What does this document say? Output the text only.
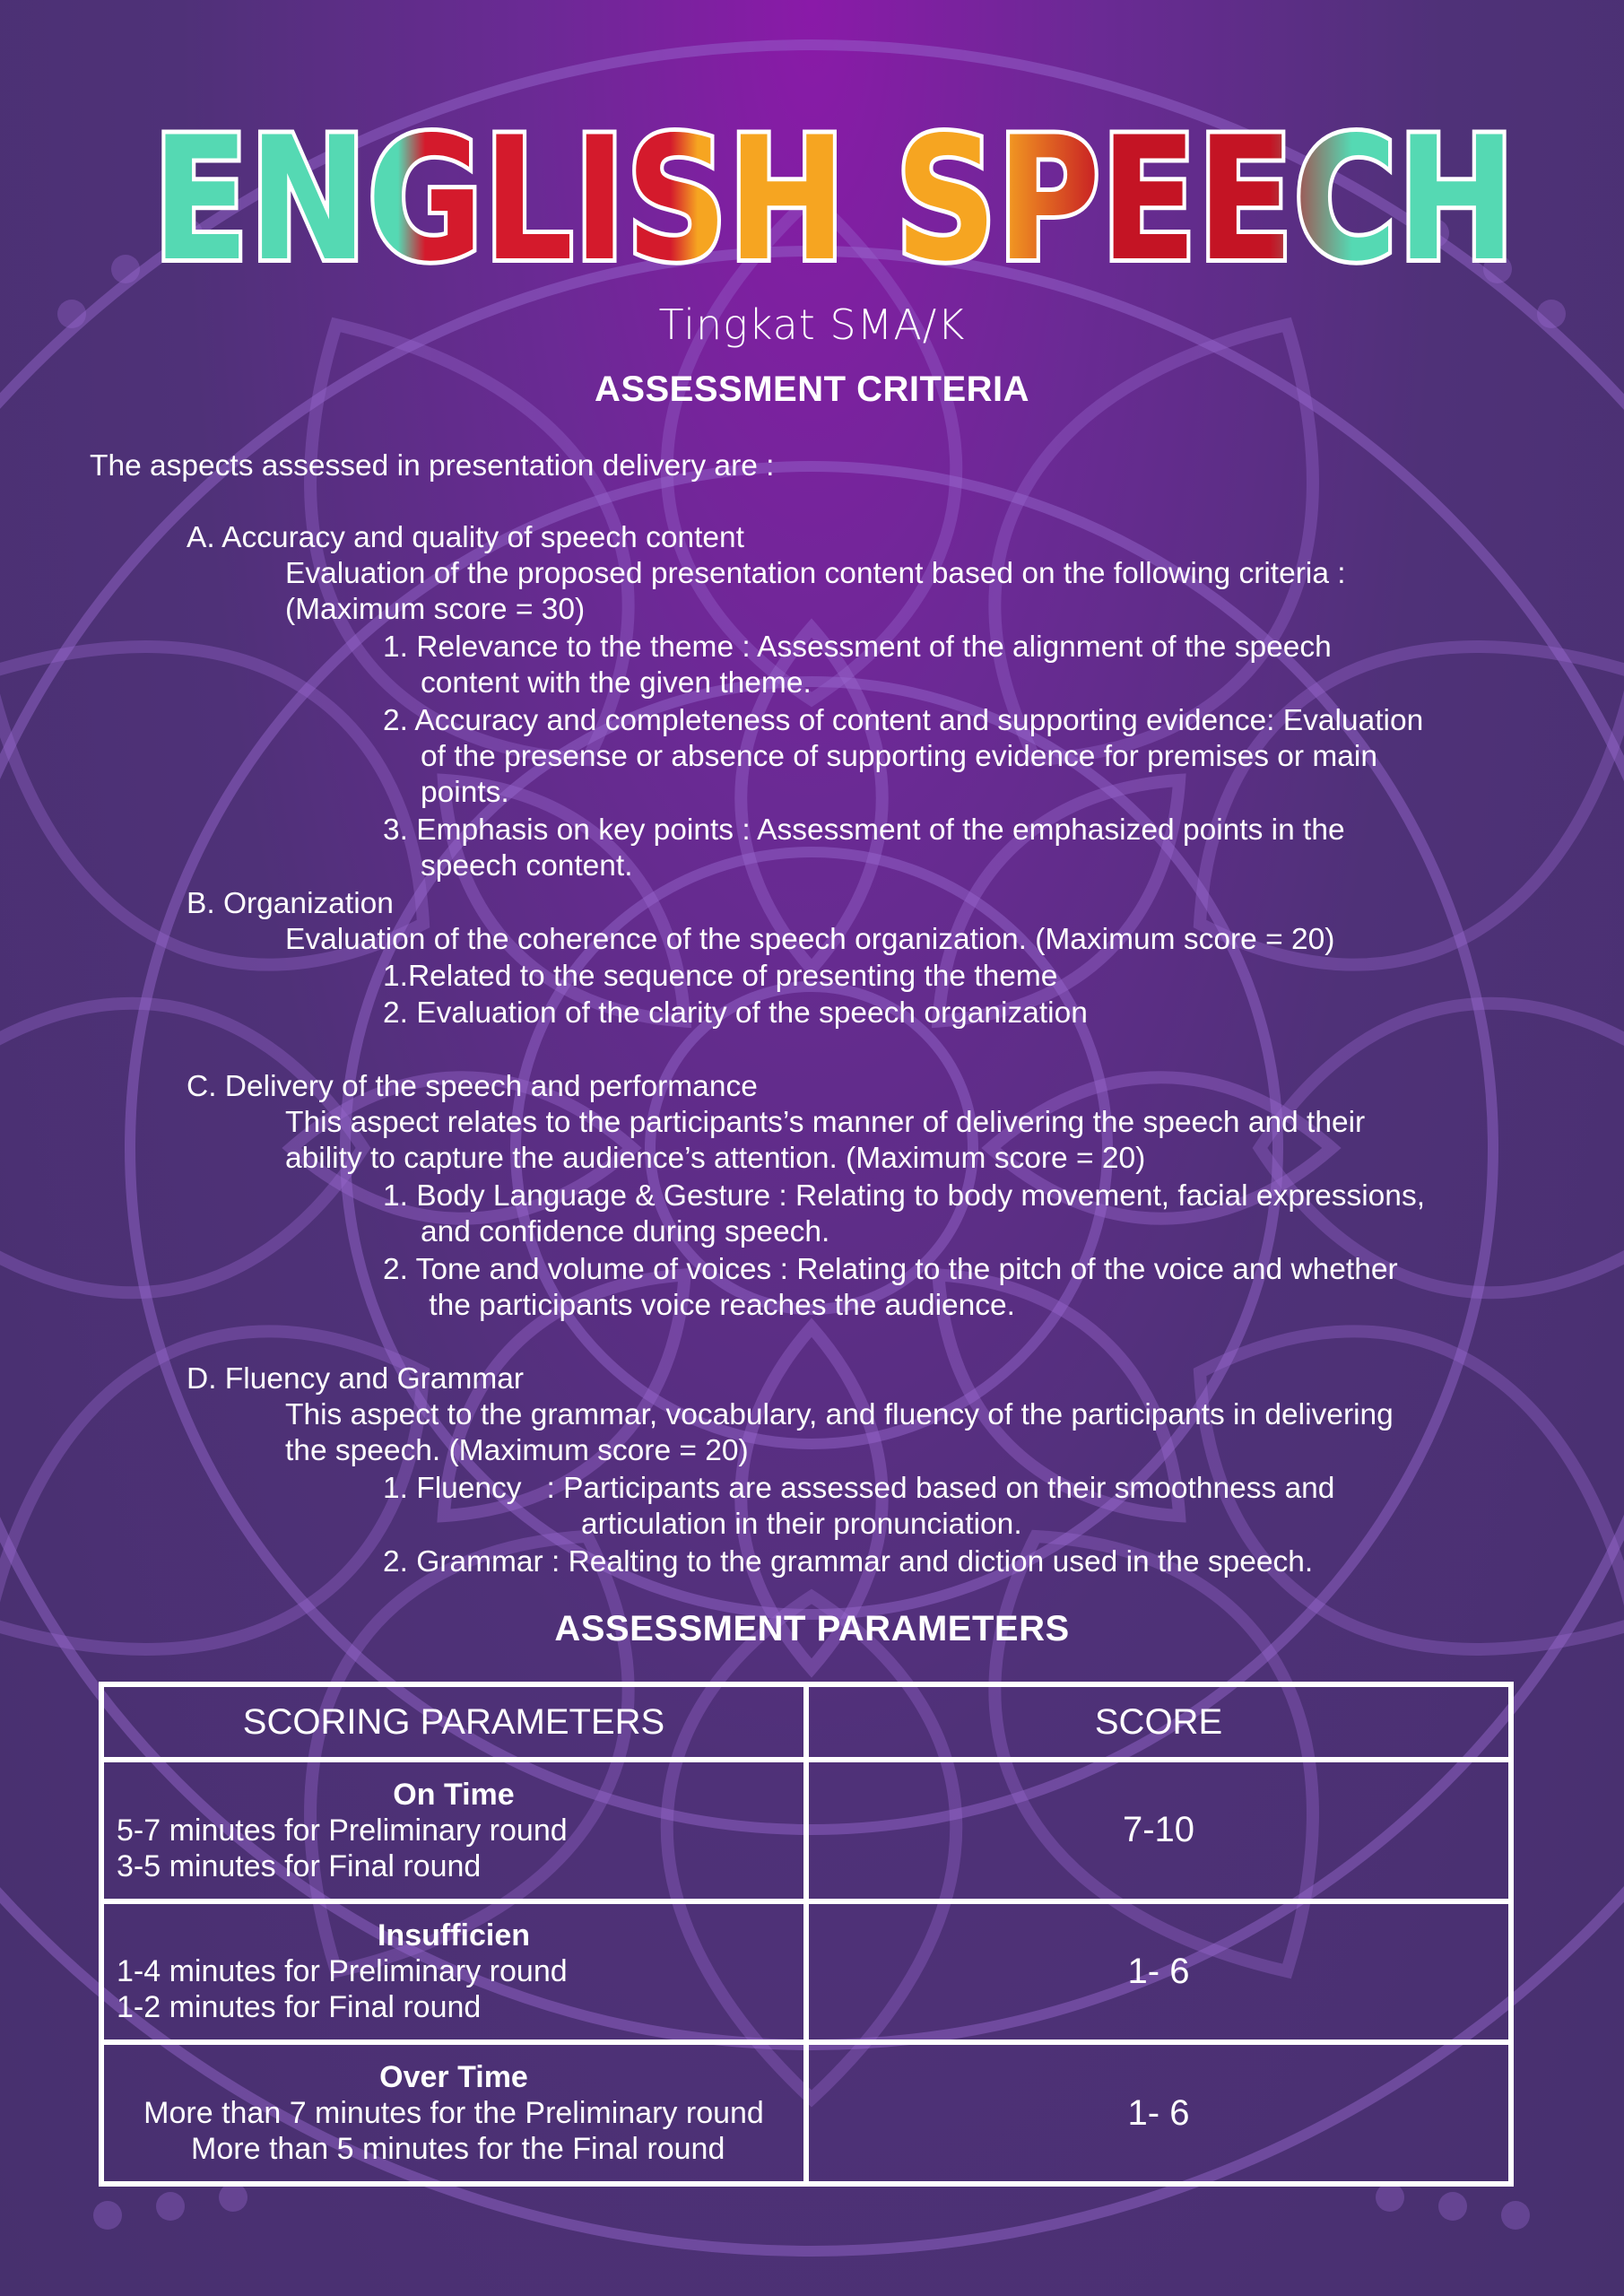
ENGLISH SPEECH
Tingkat SMA/K
ASSESSMENT CRITERIA
The aspects assessed in presentation delivery are :
A. Accuracy and quality of speech content
Evaluation of the proposed presentation content based on the following criteria :
(Maximum score = 30)
1. Relevance to the theme : Assessment of the alignment of the speech
content with the given theme.
2. Accuracy and completeness of content and supporting evidence: Evaluation
of the presense or absence of supporting evidence for premises or main
points.
3. Emphasis on key points : Assessment of the emphasized points in the
speech content.
B. Organization
Evaluation of the coherence of the speech organization. (Maximum score = 20)
1.Related to the sequence of presenting the theme
2. Evaluation of the clarity of the speech organization
C. Delivery of the speech and performance
This aspect relates to the participants’s manner of delivering the speech and their
ability to capture the audience’s attention. (Maximum score = 20)
1. Body Language & Gesture : Relating to body movement, facial expressions,
and confidence during speech.
2. Tone and volume of voices : Relating to the pitch of the voice and whether
the participants voice reaches the audience.
D. Fluency and Grammar
This aspect to the grammar, vocabulary, and fluency of the participants in delivering
the speech. (Maximum score = 20)
1. Fluency   : Participants are assessed based on their smoothness and
articulation in their pronunciation.
2. Grammar : Realting to the grammar and diction used in the speech.
ASSESSMENT PARAMETERS
SCORING PARAMETERS	SCORE

On Time
5-7 minutes for Preliminary round
3-5 minutes for Final round	7-10

Insufficien
1-4 minutes for Preliminary round
1-2 minutes for Final round	1- 6

Over Time
More than 7 minutes for the Preliminary round
More than 5 minutes for the Final round	1- 6
